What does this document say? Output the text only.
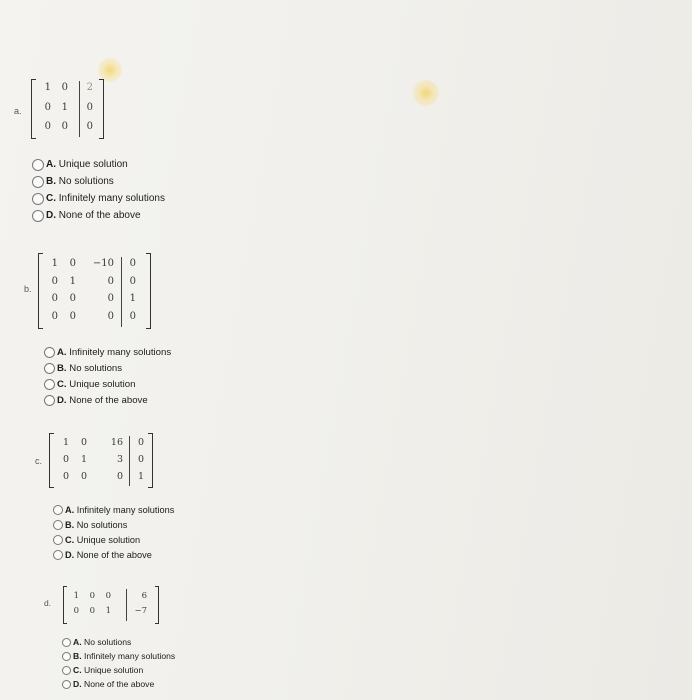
a.
1	0	2
0	1	0
0	0	0
A.
Unique solution
B.
No solutions
C.
Infinitely many solutions
D.
None of the above
b.
1	0	−10	0
0	1	0	0
0	0	0	1
0	0	0	0
A.
Infinitely many solutions
B.
No solutions
C.
Unique solution
D.
None of the above
c.
1	0	16	0
0	1	3	0
0	0	0	1
A.
Infinitely many solutions
B.
No solutions
C.
Unique solution
D.
None of the above
d.
1	0	0	6
0	0	1	−7
A.
No solutions
B.
Infinitely many solutions
C.
Unique solution
D.
None of the above
